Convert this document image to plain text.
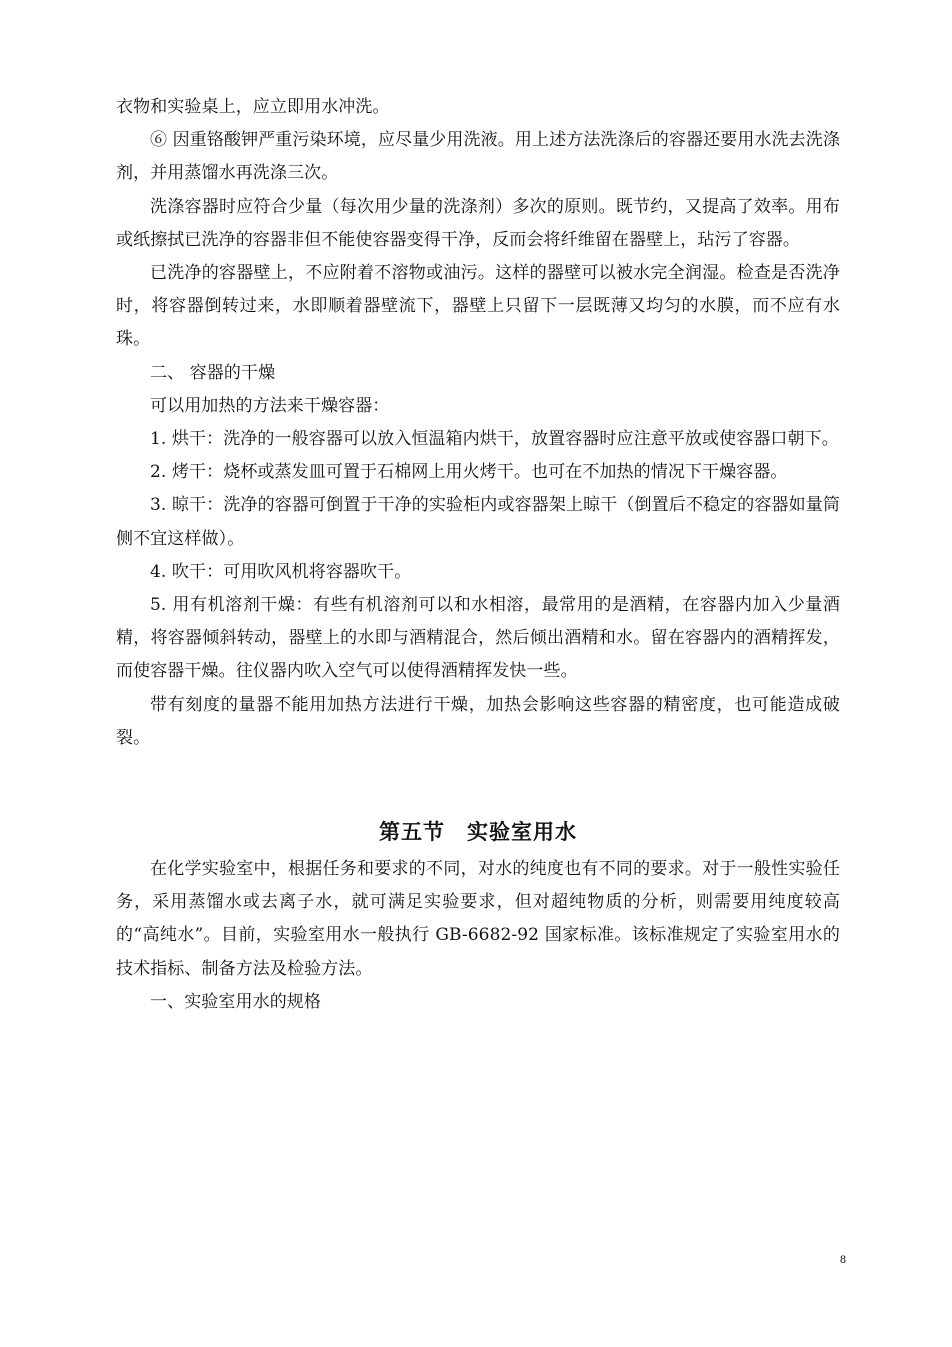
衣物和实验桌上，应立即用水冲洗。

⑥ 因重铬酸钾严重污染环境，应尽量少用洗液。用上述方法洗涤后的容器还要用水洗去洗涤剂，并用蒸馏水再洗涤三次。

洗涤容器时应符合少量（每次用少量的洗涤剂）多次的原则。既节约，又提高了效率。用布或纸擦拭已洗净的容器非但不能使容器变得干净，反而会将纤维留在器壁上，玷污了容器。

已洗净的容器壁上，不应附着不溶物或油污。这样的器壁可以被水完全润湿。检查是否洗净时，将容器倒转过来，水即顺着器壁流下，器壁上只留下一层既薄又均匀的水膜，而不应有水珠。

二、 容器的干燥

可以用加热的方法来干燥容器：

1. 烘干：洗净的一般容器可以放入恒温箱内烘干，放置容器时应注意平放或使容器口朝下。

2. 烤干：烧杯或蒸发皿可置于石棉网上用火烤干。也可在不加热的情况下干燥容器。

3. 晾干：洗净的容器可倒置于干净的实验柜内或容器架上晾干（倒置后不稳定的容器如量筒侧不宜这样做）。

4. 吹干：可用吹风机将容器吹干。

5. 用有机溶剂干燥：有些有机溶剂可以和水相溶，最常用的是酒精，在容器内加入少量酒精，将容器倾斜转动，器壁上的水即与酒精混合，然后倾出酒精和水。留在容器内的酒精挥发，而使容器干燥。往仪器内吹入空气可以使得酒精挥发快一些。

带有刻度的量器不能用加热方法进行干燥，加热会影响这些容器的精密度，也可能造成破裂。

第五节　实验室用水

在化学实验室中，根据任务和要求的不同，对水的纯度也有不同的要求。对于一般性实验任务，采用蒸馏水或去离子水，就可满足实验要求，但对超纯物质的分析，则需要用纯度较高的“高纯水”。目前，实验室用水一般执行 GB-6682-92 国家标准。该标准规定了实验室用水的技术指标、制备方法及检验方法。

一、实验室用水的规格

8
